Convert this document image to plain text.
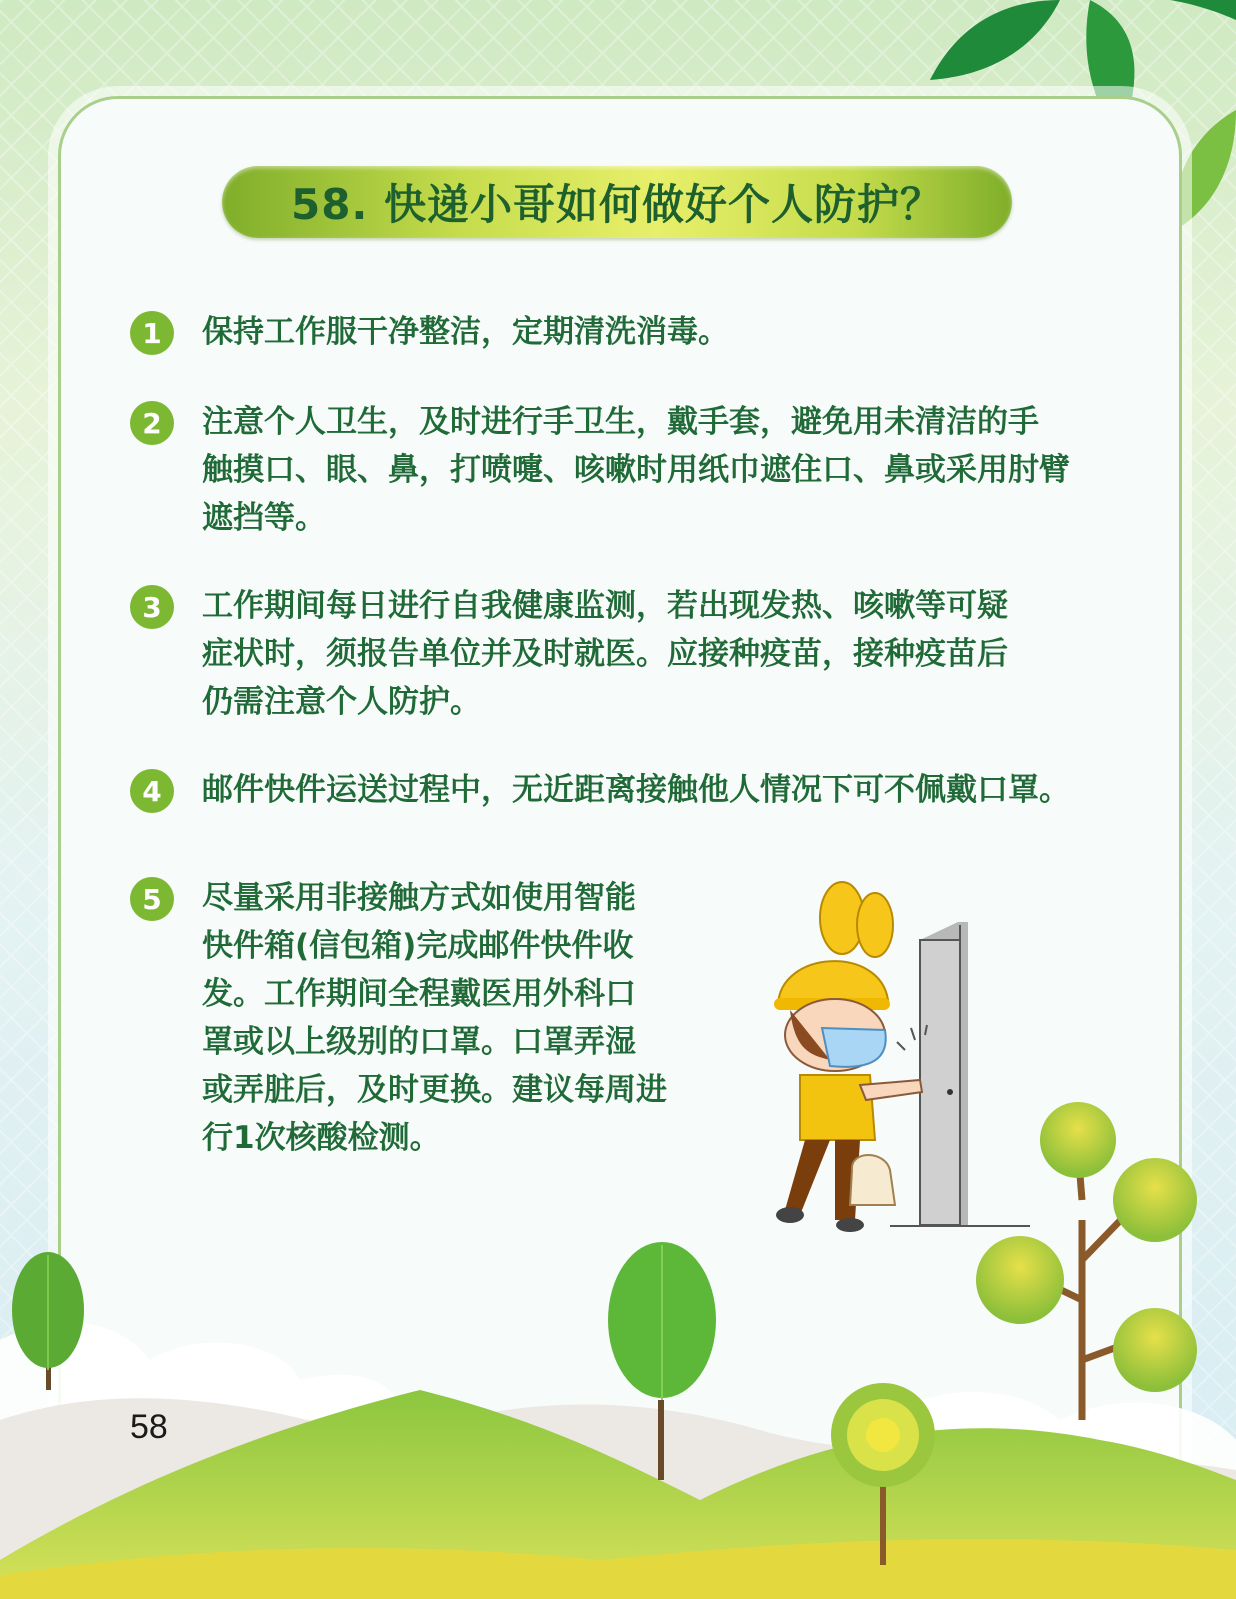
58. 快递小哥如何做好个人防护？
1	保持工作服干净整洁，定期清洗消毒。
2	注意个人卫生，及时进行手卫生，戴手套，避免用未清洁的手
触摸口、眼、鼻，打喷嚏、咳嗽时用纸巾遮住口、鼻或采用肘臂
遮挡等。
3	工作期间每日进行自我健康监测，若出现发热、咳嗽等可疑
症状时，须报告单位并及时就医。应接种疫苗，接种疫苗后
仍需注意个人防护。
4	邮件快件运送过程中，无近距离接触他人情况下可不佩戴口罩。
5	尽量采用非接触方式如使用智能
快件箱(信包箱)完成邮件快件收
发。工作期间全程戴医用外科口
罩或以上级别的口罩。口罩弄湿
或弄脏后，及时更换。建议每周进
行1次核酸检测。
58
